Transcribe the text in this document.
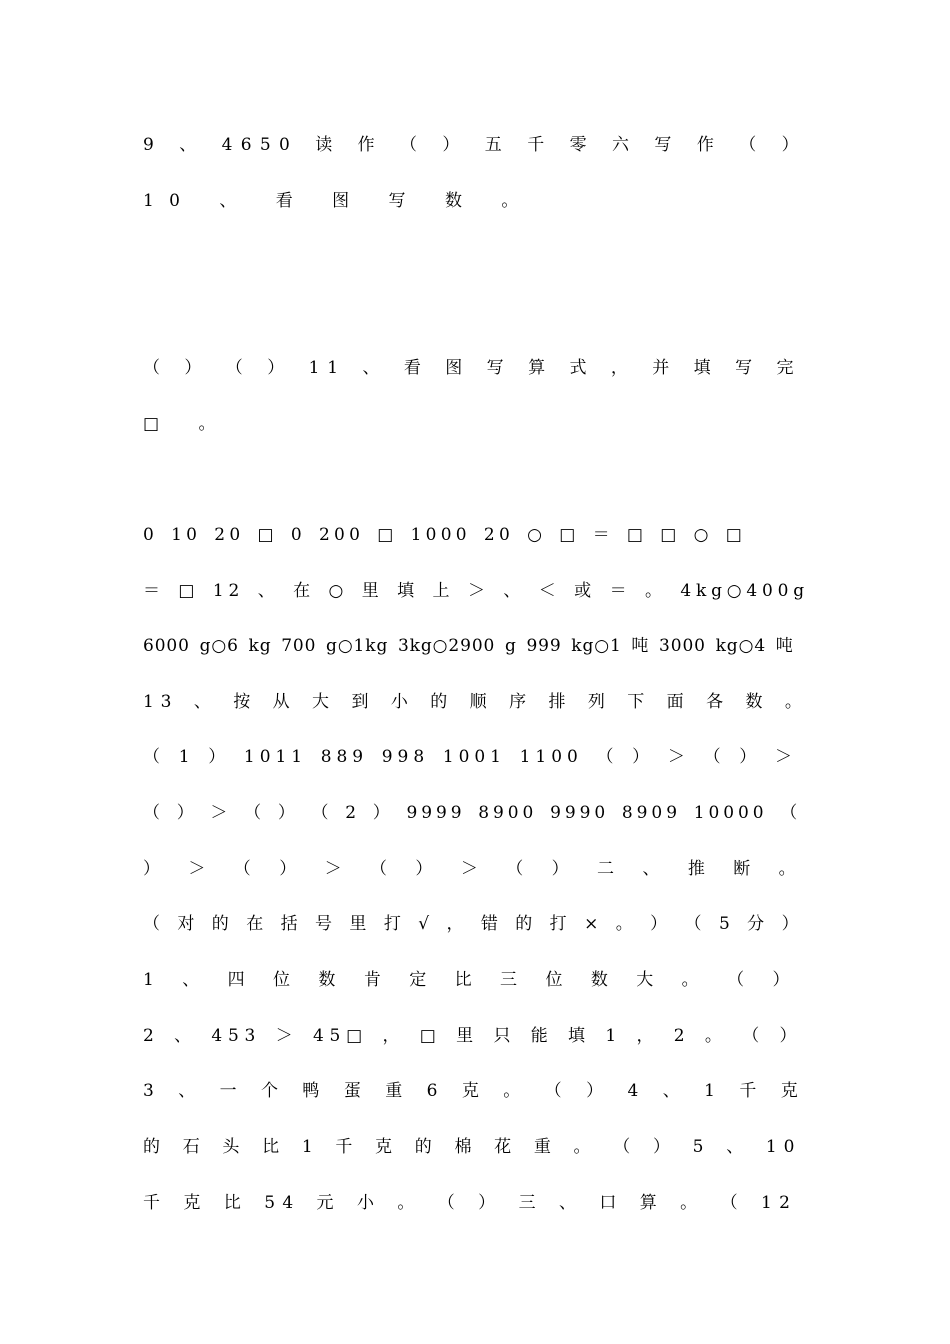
9 、 4650 读 作 （ ） 五 千 零 六 写 作 （ ）
10 、 看 图 写 数 。
（ ） （ ） 11 、 看 图 写 算 式 ， 并 填 写 完
□ 。
0 10 20 □ 0 200 □ 1000 20 ○ □ ＝ □ □ ○ □
＝ □ 12 、 在 ○ 里 填 上 ＞ 、 ＜ 或 ＝ 。 4kg○400g
6000 g○6 kg 700 g○1kg 3kg○2900 g 999 kg○1 吨 3000 kg○4 吨
13 、 按 从 大 到 小 的 顺 序 排 列 下 面 各 数 。
（ 1 ） 1011 889 998 1001 1100 （ ） ＞ （ ） ＞
（ ） ＞ （ ） （ 2 ） 9999 8900 9990 8909 10000 （
） ＞ （ ） ＞ （ ） ＞ （ ） 二 、 推 断 。
（ 对 的 在 括 号 里 打 √ ， 错 的 打 × 。 ） （ 5 分 ）
1 、 四 位 数 肯 定 比 三 位 数 大 。 （ ）
2 、 453 ＞ 45□ ， □ 里 只 能 填 1 ， 2 。 （ ）
3 、 一 个 鸭 蛋 重 6 克 。 （ ） 4 、 1 千 克
的 石 头 比 1 千 克 的 棉 花 重 。 （ ） 5 、 10
千 克 比 54 元 小 。 （ ） 三 、 口 算 。 （ 12
